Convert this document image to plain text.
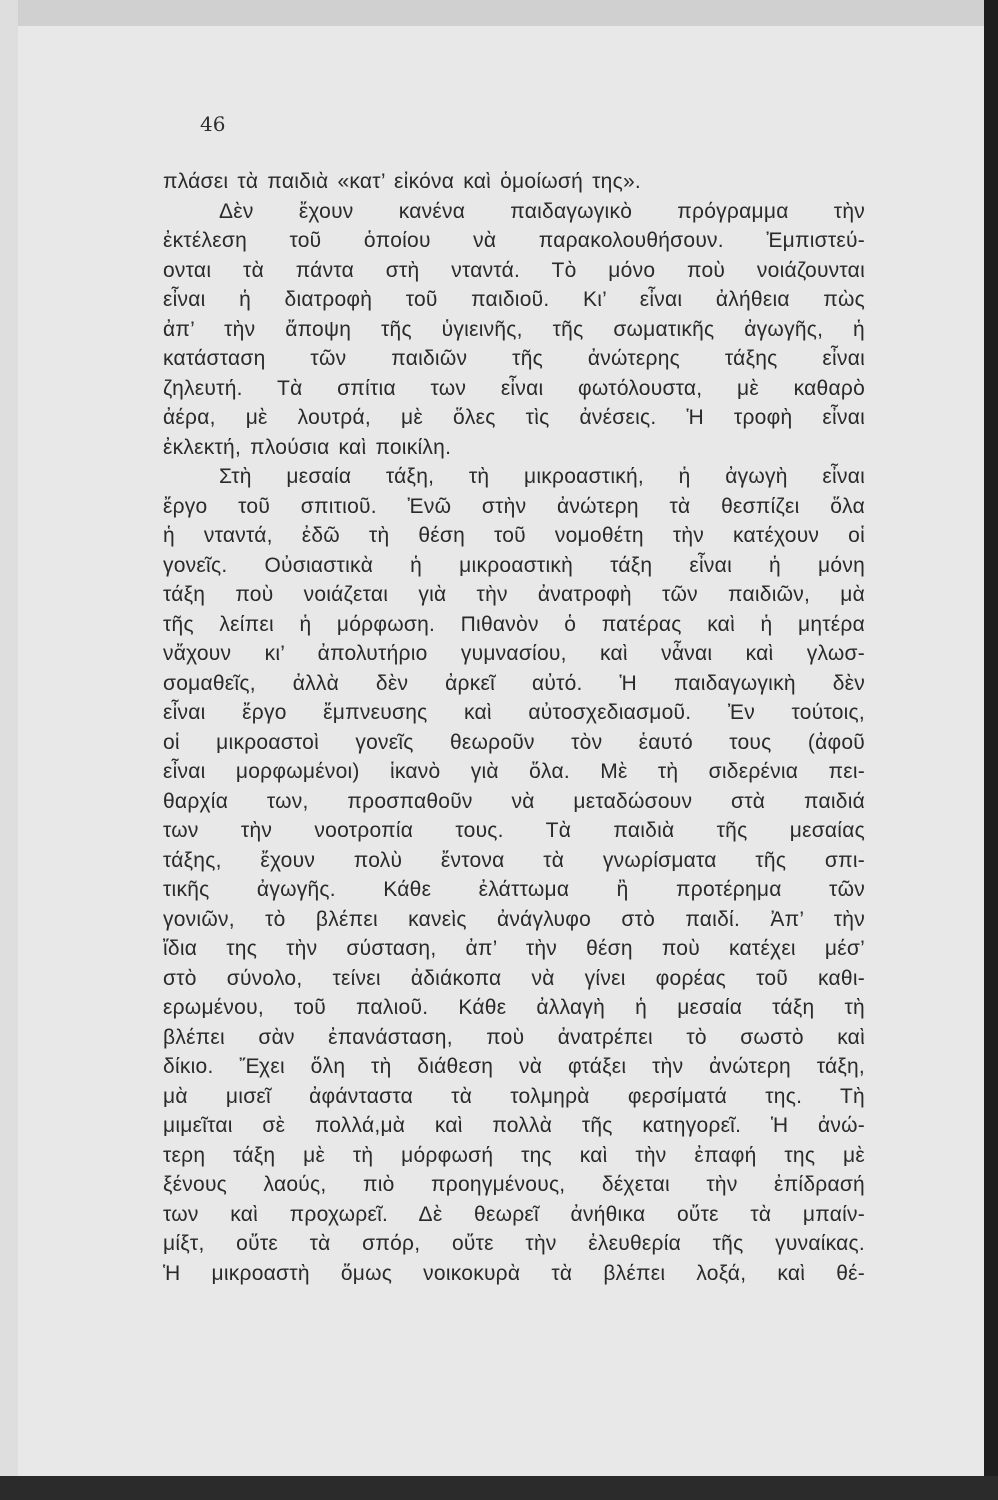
46

πλάσει τὰ παιδιὰ «κατ’ εἰκόνα καὶ ὁμοίωσή της».
Δὲν ἔχουν κανένα παιδαγωγικὸ πρόγραμμα τὴν
ἐκτέλεση τοῦ ὁποίου νὰ παρακολουθήσουν. Ἐμπιστεύ-
ονται τὰ πάντα στὴ νταντά. Τὸ μόνο ποὺ νοιάζουνται
εἶναι ἡ διατροφὴ τοῦ παιδιοῦ. Κι’ εἶναι ἀλήθεια πὼς
ἀπ’ τὴν ἄποψη τῆς ὑγιεινῆς, τῆς σωματικῆς ἀγωγῆς, ἡ
κατάσταση τῶν παιδιῶν τῆς ἀνώτερης τάξης εἶναι
ζηλευτή. Τὰ σπίτια των εἶναι φωτόλουστα, μὲ καθαρὸ
ἀέρα, μὲ λουτρά, μὲ ὅλες τὶς ἀνέσεις. Ἡ τροφὴ εἶναι
ἐκλεκτή, πλούσια καὶ ποικίλη.
Στὴ μεσαία τάξη, τὴ μικροαστική, ἡ ἀγωγὴ εἶναι
ἔργο τοῦ σπιτιοῦ. Ἐνῶ στὴν ἀνώτερη τὰ θεσπίζει ὅλα
ἡ νταντά, ἐδῶ τὴ θέση τοῦ νομοθέτη τὴν κατέχουν οἱ
γονεῖς. Οὐσιαστικὰ ἡ μικροαστικὴ τάξη εἶναι ἡ μόνη
τάξη ποὺ νοιάζεται γιὰ τὴν ἀνατροφὴ τῶν παιδιῶν, μὰ
τῆς λείπει ἡ μόρφωση. Πιθανὸν ὁ πατέρας καὶ ἡ μητέρα
νἄχουν κι’ ἀπολυτήριο γυμνασίου, καὶ νἆναι καὶ γλωσ-
σομαθεῖς, ἀλλὰ δὲν ἀρκεῖ αὐτό. Ἡ παιδαγωγικὴ δὲν
εἶναι ἔργο ἔμπνευσης καὶ αὐτοσχεδιασμοῦ. Ἐν τούτοις,
οἱ μικροαστοὶ γονεῖς θεωροῦν τὸν ἑαυτό τους (ἀφοῦ
εἶναι μορφωμένοι) ἱκανὸ γιὰ ὅλα. Μὲ τὴ σιδερένια πει-
θαρχία των, προσπαθοῦν νὰ μεταδώσουν στὰ παιδιά
των τὴν νοοτροπία τους. Τὰ παιδιὰ τῆς μεσαίας
τάξης, ἔχουν πολὺ ἔντονα τὰ γνωρίσματα τῆς σπι-
τικῆς ἀγωγῆς. Κάθε ἐλάττωμα ἢ προτέρημα τῶν
γονιῶν, τὸ βλέπει κανεὶς ἀνάγλυφο στὸ παιδί. Ἀπ’ τὴν
ἴδια της τὴν σύσταση, ἀπ’ τὴν θέση ποὺ κατέχει μέσ’
στὸ σύνολο, τείνει ἀδιάκοπα νὰ γίνει φορέας τοῦ καθι-
ερωμένου, τοῦ παλιοῦ. Κάθε ἀλλαγὴ ἡ μεσαία τάξη τὴ
βλέπει σὰν ἐπανάσταση, ποὺ ἀνατρέπει τὸ σωστὸ καὶ
δίκιο. Ἔχει ὅλη τὴ διάθεση νὰ φτάξει τὴν ἀνώτερη τάξη,
μὰ μισεῖ ἀφάνταστα τὰ τολμηρὰ φερσίματά της. Τὴ
μιμεῖται σὲ πολλά,μὰ καὶ πολλὰ τῆς κατηγορεῖ. Ἡ ἀνώ-
τερη τάξη μὲ τὴ μόρφωσή της καὶ τὴν ἐπαφή της μὲ
ξένους λαούς, πιὸ προηγμένους, δέχεται τὴν ἐπίδρασή
των καὶ προχωρεῖ. Δὲ θεωρεῖ ἀνήθικα οὔτε τὰ μπαίν-
μίξτ, οὔτε τὰ σπόρ, οὔτε τὴν ἐλευθερία τῆς γυναίκας.
Ἡ μικροαστὴ ὅμως νοικοκυρὰ τὰ βλέπει λοξά, καὶ θέ-
